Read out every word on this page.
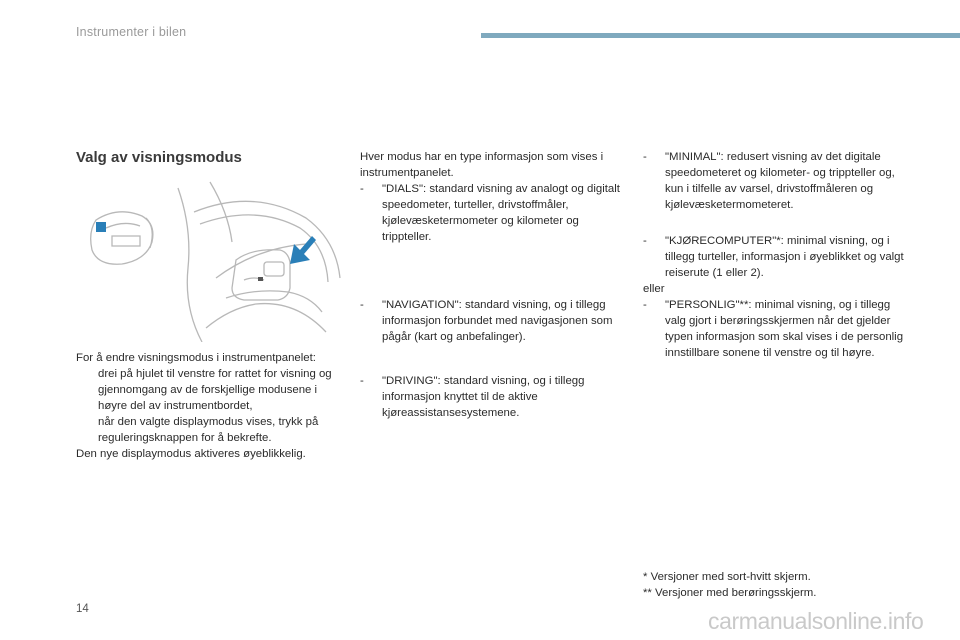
Instrumenter i bilen
Valg av visningsmodus

For å endre visningsmodus i instrumentpanelet:

drei på hjulet til venstre for rattet for visning og gjennomgang av de forskjellige modusene i høyre del av instrumentbordet,
når den valgte displaymodus vises, trykk på reguleringsknappen for å bekrefte.

Den nye displaymodus aktiveres øyeblikkelig.

Hver modus har en type informasjon som vises i instrumentpanelet.

- "DIALS": standard visning av analogt og digitalt speedometer, turteller, drivstoffmåler, kjølevæsketermometer og kilometer og trippteller.
- "NAVIGATION": standard visning, og i tillegg informasjon forbundet med navigasjonen som pågår (kart og anbefalinger).
- "DRIVING": standard visning, og i tillegg informasjon knyttet til de aktive kjøreassistansesystemene.
- "MINIMAL": redusert visning av det digitale speedometeret og kilometer- og trippteller og, kun i tilfelle av varsel, drivstoffmåleren og kjølevæsketermometeret.
- "KJØRECOMPUTER"*: minimal visning, og i tillegg turteller, informasjon i øyeblikket og valgt reiserute (1 eller 2).

eller

- "PERSONLIG"**: minimal visning, og i tillegg valg gjort i berøringsskjermen når det gjelder typen informasjon som skal vises i de personlig innstillbare sonene til venstre og til høyre.

* Versjoner med sort-hvitt skjerm.

** Versjoner med berøringsskjerm.

14	carmanualsonline.info
